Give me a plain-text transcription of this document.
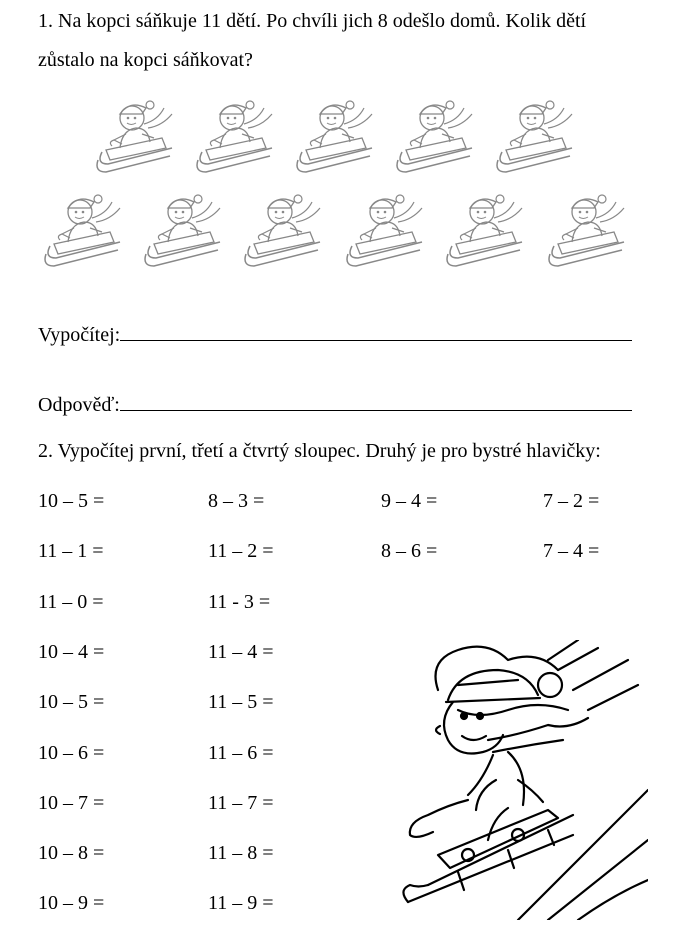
1. Na kopci sáňkuje 11 dětí. Po chvíli jich 8 odešlo domů. Kolik dětí
zůstalo na kopci sáňkovat?
Vypočítej:
Odpověď:
2. Vypočítej první, třetí a čtvrtý sloupec. Druhý je pro bystré hlavičky:
10 – 5 =	8 – 3 =	9 – 4 =	7 – 2 =
11 – 1 =	11 – 2 =	8 – 6 =	7 – 4 =
11 – 0 =	11 - 3 =
10 – 4 =	11 – 4 =
10 – 5 =	11 – 5 =
10 – 6 =	11 – 6 =
10 – 7 =	11 – 7 =
10 – 8 =	11 – 8 =
10 – 9 =	11 – 9 =
